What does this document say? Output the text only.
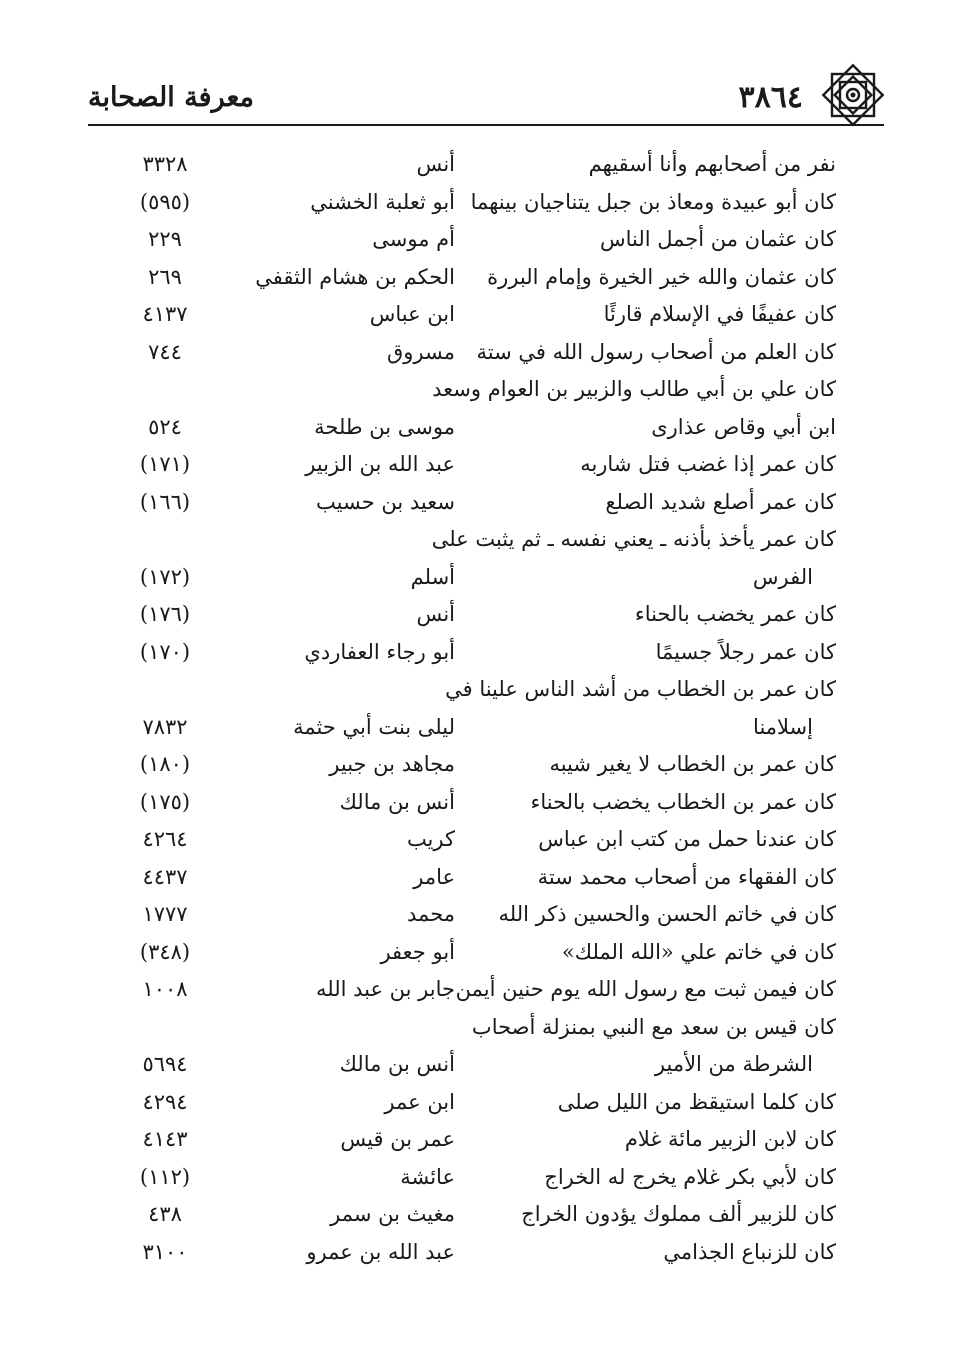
معرفة الصحابة	٣٨٦٤
نفر من أصحابهم وأنا أسقيهم
أنس
٣٣٢٨
كان أبو عبيدة ومعاذ بن جبل يتناجيان بينهما
أبو ثعلبة الخشني
(٥٩٥)
كان عثمان من أجمل الناس
أم موسى
٢٢٩
كان عثمان والله خير الخيرة وإمام البررة
الحكم بن هشام الثقفي
٢٦٩
كان عفيفًا في الإسلام قارئًا
ابن عباس
٤١٣٧
كان العلم من أصحاب رسول الله في ستة
مسروق
٧٤٤
كان علي بن أبي طالب والزبير بن العوام وسعد
ابن أبي وقاص عذارى
موسى بن طلحة
٥٢٤
كان عمر إذا غضب فتل شاربه
عبد الله بن الزبير
(١٧١)
كان عمر أصلع شديد الصلع
سعيد بن حسيب
(١٦٦)
كان عمر يأخذ بأذنه ـ يعني نفسه ـ ثم يثبت على
الفرس
أسلم
(١٧٢)
كان عمر يخضب بالحناء
أنس
(١٧٦)
كان عمر رجلاً جسيمًا
أبو رجاء العفاردي
(١٧٠)
كان عمر بن الخطاب من أشد الناس علينا في
إسلامنا
ليلى بنت أبي حثمة
٧٨٣٢
كان عمر بن الخطاب لا يغير شيبه
مجاهد بن جبير
(١٨٠)
كان عمر بن الخطاب يخضب بالحناء
أنس بن مالك
(١٧٥)
كان عندنا حمل من كتب ابن عباس
كريب
٤٢٦٤
كان الفقهاء من أصحاب محمد ستة
عامر
٤٤٣٧
كان في خاتم الحسن والحسين ذكر الله
محمد
١٧٧٧
كان في خاتم علي «الله الملك»
أبو جعفر
(٣٤٨)
كان فيمن ثبت مع رسول الله يوم حنين أيمن
جابر بن عبد الله
١٠٠٨
كان قيس بن سعد مع النبي بمنزلة أصحاب
الشرطة من الأمير
أنس بن مالك
٥٦٩٤
كان كلما استيقظ من الليل صلى
ابن عمر
٤٢٩٤
كان لابن الزبير مائة غلام
عمر بن قيس
٤١٤٣
كان لأبي بكر غلام يخرج له الخراج
عائشة
(١١٢)
كان للزبير ألف مملوك يؤدون الخراج
مغيث بن سمر
٤٣٨
كان للزنباع الجذامي
عبد الله بن عمرو
٣١٠٠
